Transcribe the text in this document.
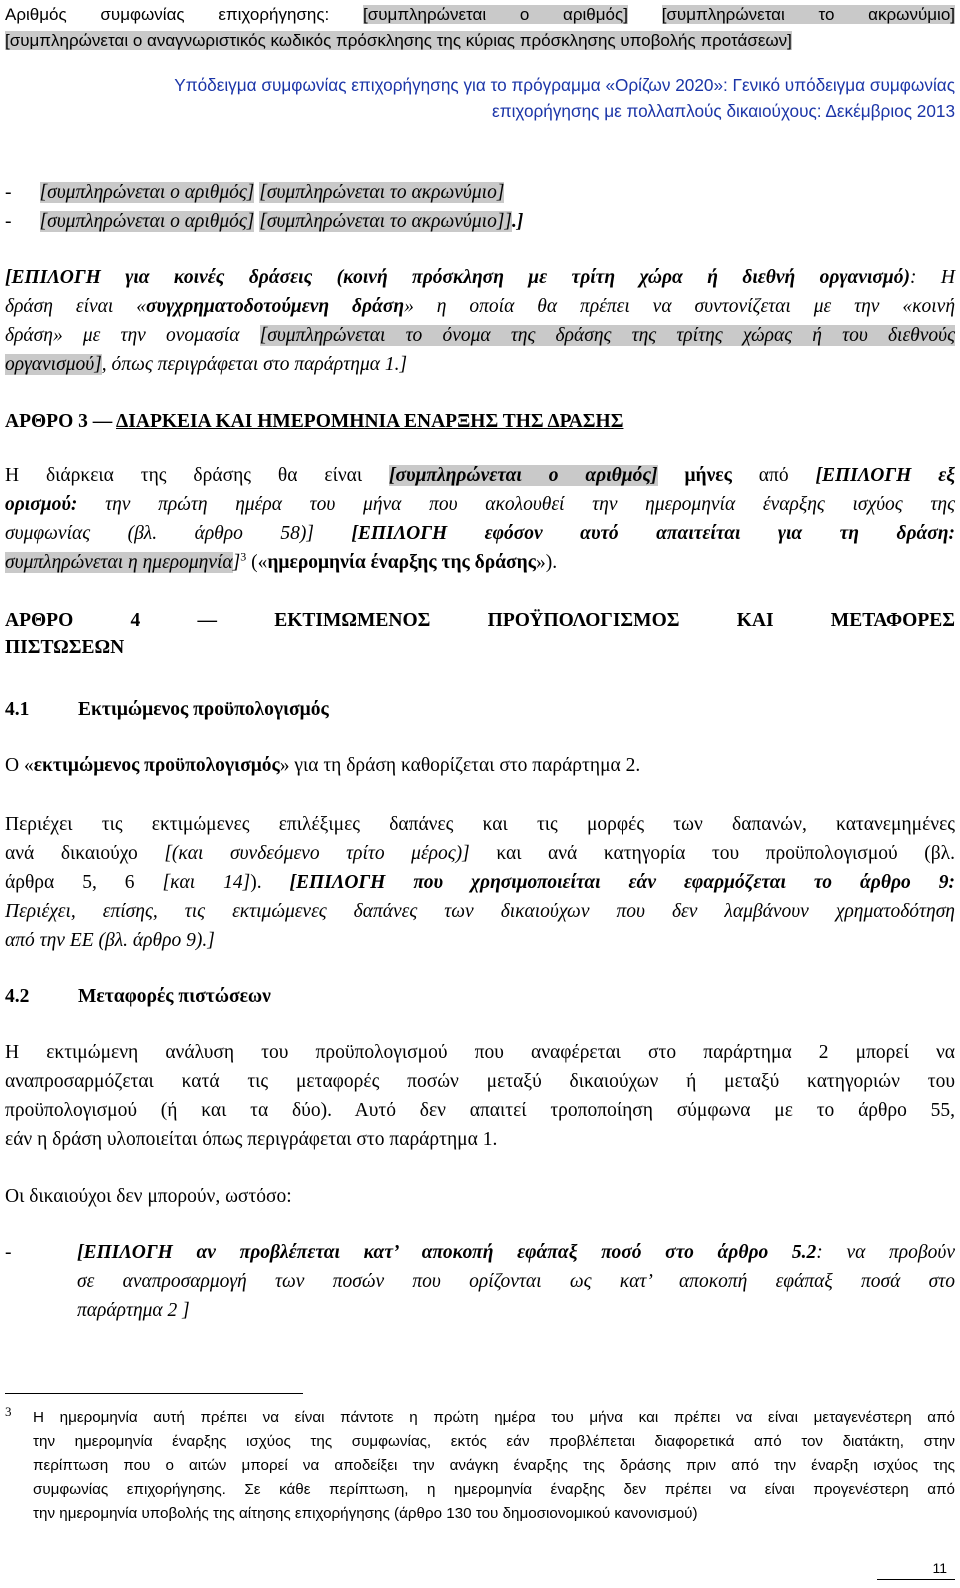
Αριθμός συμφωνίας επιχορήγησης: [συμπληρώνεται ο αριθμός] [συμπληρώνεται το ακρωνύμιο]
[συμπληρώνεται ο αναγνωριστικός κωδικός πρόσκλησης της κύριας πρόσκλησης υποβολής προτάσεων]
Υπόδειγμα συμφωνίας επιχορήγησης για το πρόγραμμα «Ορίζων 2020»: Γενικό υπόδειγμα συμφωνίας
επιχορήγησης με πολλαπλούς δικαιούχους: Δεκέμβριος 2013
- [συμπληρώνεται ο αριθμός] [συμπληρώνεται το ακρωνύμιο]
- [συμπληρώνεται ο αριθμός] [συμπληρώνεται το ακρωνύμιο]].]
[ΕΠΙΛΟΓΗ για κοινές δράσεις (κοινή πρόσκληση με τρίτη χώρα ή διεθνή οργανισμό): Η
δράση είναι «συγχρηματοδοτούμενη δράση» η οποία θα πρέπει να συντονίζεται με την «κοινή
δράση» με την ονομασία [συμπληρώνεται το όνομα της δράσης της τρίτης χώρας ή του διεθνούς
οργανισμού], όπως περιγράφεται στο παράρτημα 1.]
ΑΡΘΡΟ 3 — ΔΙΑΡΚΕΙΑ ΚΑΙ ΗΜΕΡΟΜΗΝΙΑ ΕΝΑΡΞΗΣ ΤΗΣ ΔΡΑΣΗΣ
Η διάρκεια της δράσης θα είναι [συμπληρώνεται ο αριθμός] μήνες από [ΕΠΙΛΟΓΗ εξ
ορισμού: την πρώτη ημέρα του μήνα που ακολουθεί την ημερομηνία έναρξης ισχύος της
συμφωνίας (βλ. άρθρο 58)] [ΕΠΙΛΟΓΗ εφόσον αυτό απαιτείται για τη δράση:
συμπληρώνεται η ημερομηνία]$^3$ («ημερομηνία έναρξης της δράσης»).
ΑΡΘΡΟ 4 — ΕΚΤΙΜΩΜΕΝΟΣ ΠΡΟΫΠΟΛΟΓΙΣΜΟΣ ΚΑΙ ΜΕΤΑΦΟΡΕΣ
ΠΙΣΤΩΣΕΩΝ
4.1 Εκτιμώμενος προϋπολογισμός
Ο «εκτιμώμενος προϋπολογισμός» για τη δράση καθορίζεται στο παράρτημα 2.
Περιέχει τις εκτιμώμενες επιλέξιμες δαπάνες και τις μορφές των δαπανών, κατανεμημένες
ανά δικαιούχο [(και συνδεόμενο τρίτο μέρος)] και ανά κατηγορία του προϋπολογισμού (βλ.
άρθρα 5, 6 [και 14]). [ΕΠΙΛΟΓΗ που χρησιμοποιείται εάν εφαρμόζεται το άρθρο 9:
Περιέχει, επίσης, τις εκτιμώμενες δαπάνες των δικαιούχων που δεν λαμβάνουν χρηματοδότηση
από την ΕΕ (βλ. άρθρο 9).]
4.2 Μεταφορές πιστώσεων
Η εκτιμώμενη ανάλυση του προϋπολογισμού που αναφέρεται στο παράρτημα 2 μπορεί να
αναπροσαρμόζεται κατά τις μεταφορές ποσών μεταξύ δικαιούχων ή μεταξύ κατηγοριών του
προϋπολογισμού (ή και τα δύο). Αυτό δεν απαιτεί τροποποίηση σύμφωνα με το άρθρο 55,
εάν η δράση υλοποιείται όπως περιγράφεται στο παράρτημα 1.
Οι δικαιούχοι δεν μπορούν, ωστόσο:
-	[ΕΠΙΛΟΓΗ αν προβλέπεται κατ’ αποκοπή εφάπαξ ποσό στο άρθρο 5.2: να προβούν
σε αναπροσαρμογή των ποσών που ορίζονται ως κατ’ αποκοπή εφάπαξ ποσά στο
παράρτημα 2 ]
3 Η ημερομηνία αυτή πρέπει να είναι πάντοτε η πρώτη ημέρα του μήνα και πρέπει να είναι μεταγενέστερη από
την ημερομηνία έναρξης ισχύος της συμφωνίας, εκτός εάν προβλέπεται διαφορετικά από τον διατάκτη, στην
περίπτωση που ο αιτών μπορεί να αποδείξει την ανάγκη έναρξης της δράσης πριν από την έναρξη ισχύος της
συμφωνίας επιχορήγησης. Σε κάθε περίπτωση, η ημερομηνία έναρξης δεν πρέπει να είναι προγενέστερη από
την ημερομηνία υποβολής της αίτησης επιχορήγησης (άρθρο 130 του δημοσιονομικού κανονισμού)
11
